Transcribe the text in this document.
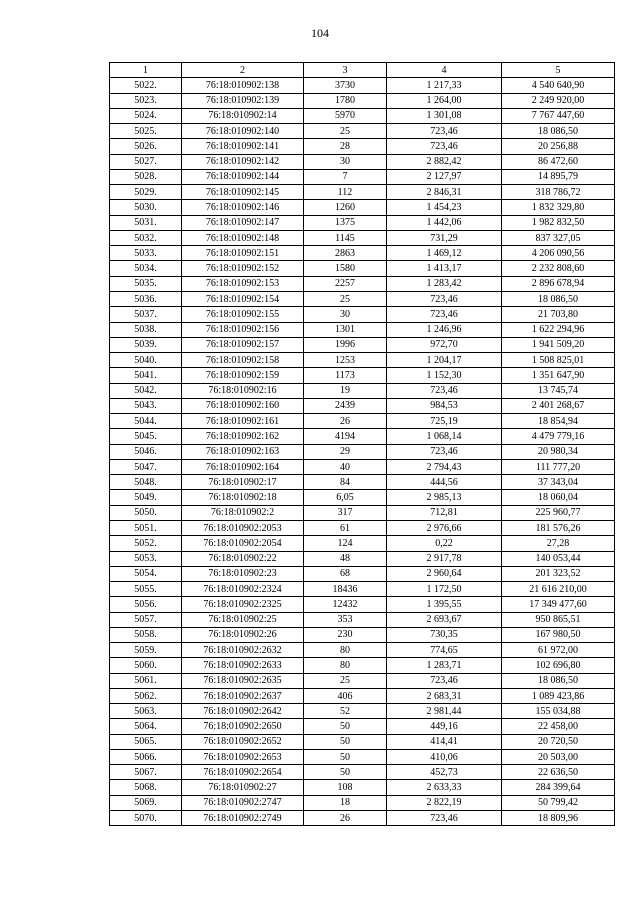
104
1	2	3	4	5
5022.	76:18:010902:138	3730	1 217,33	4 540 640,90
5023.	76:18:010902:139	1780	1 264,00	2 249 920,00
5024.	76:18:010902:14	5970	1 301,08	7 767 447,60
5025.	76:18:010902:140	25	723,46	18 086,50
5026.	76:18:010902:141	28	723,46	20 256,88
5027.	76:18:010902:142	30	2 882,42	86 472,60
5028.	76:18:010902:144	7	2 127,97	14 895,79
5029.	76:18:010902:145	112	2 846,31	318 786,72
5030.	76:18:010902:146	1260	1 454,23	1 832 329,80
5031.	76:18:010902:147	1375	1 442,06	1 982 832,50
5032.	76:18:010902:148	1145	731,29	837 327,05
5033.	76:18:010902:151	2863	1 469,12	4 206 090,56
5034.	76:18:010902:152	1580	1 413,17	2 232 808,60
5035.	76:18:010902:153	2257	1 283,42	2 896 678,94
5036.	76:18:010902:154	25	723,46	18 086,50
5037.	76:18:010902:155	30	723,46	21 703,80
5038.	76:18:010902:156	1301	1 246,96	1 622 294,96
5039.	76:18:010902:157	1996	972,70	1 941 509,20
5040.	76:18:010902:158	1253	1 204,17	1 508 825,01
5041.	76:18:010902:159	1173	1 152,30	1 351 647,90
5042.	76:18:010902:16	19	723,46	13 745,74
5043.	76:18:010902:160	2439	984,53	2 401 268,67
5044.	76:18:010902:161	26	725,19	18 854,94
5045.	76:18:010902:162	4194	1 068,14	4 479 779,16
5046.	76:18:010902:163	29	723,46	20 980,34
5047.	76:18:010902:164	40	2 794,43	111 777,20
5048.	76:18:010902:17	84	444,56	37 343,04
5049.	76:18:010902:18	6,05	2 985,13	18 060,04
5050.	76:18:010902:2	317	712,81	225 960,77
5051.	76:18:010902:2053	61	2 976,66	181 576,26
5052.	76:18:010902:2054	124	0,22	27,28
5053.	76:18:010902:22	48	2 917,78	140 053,44
5054.	76:18:010902:23	68	2 960,64	201 323,52
5055.	76:18:010902:2324	18436	1 172,50	21 616 210,00
5056.	76:18:010902:2325	12432	1 395,55	17 349 477,60
5057.	76:18:010902:25	353	2 693,67	950 865,51
5058.	76:18:010902:26	230	730,35	167 980,50
5059.	76:18:010902:2632	80	774,65	61 972,00
5060.	76:18:010902:2633	80	1 283,71	102 696,80
5061.	76:18:010902:2635	25	723,46	18 086,50
5062.	76:18:010902:2637	406	2 683,31	1 089 423,86
5063.	76:18:010902:2642	52	2 981,44	155 034,88
5064.	76:18:010902:2650	50	449,16	22 458,00
5065.	76:18:010902:2652	50	414,41	20 720,50
5066.	76:18:010902:2653	50	410,06	20 503,00
5067.	76:18:010902:2654	50	452,73	22 636,50
5068.	76:18:010902:27	108	2 633,33	284 399,64
5069.	76:18:010902:2747	18	2 822,19	50 799,42
5070.	76:18:010902:2749	26	723,46	18 809,96
